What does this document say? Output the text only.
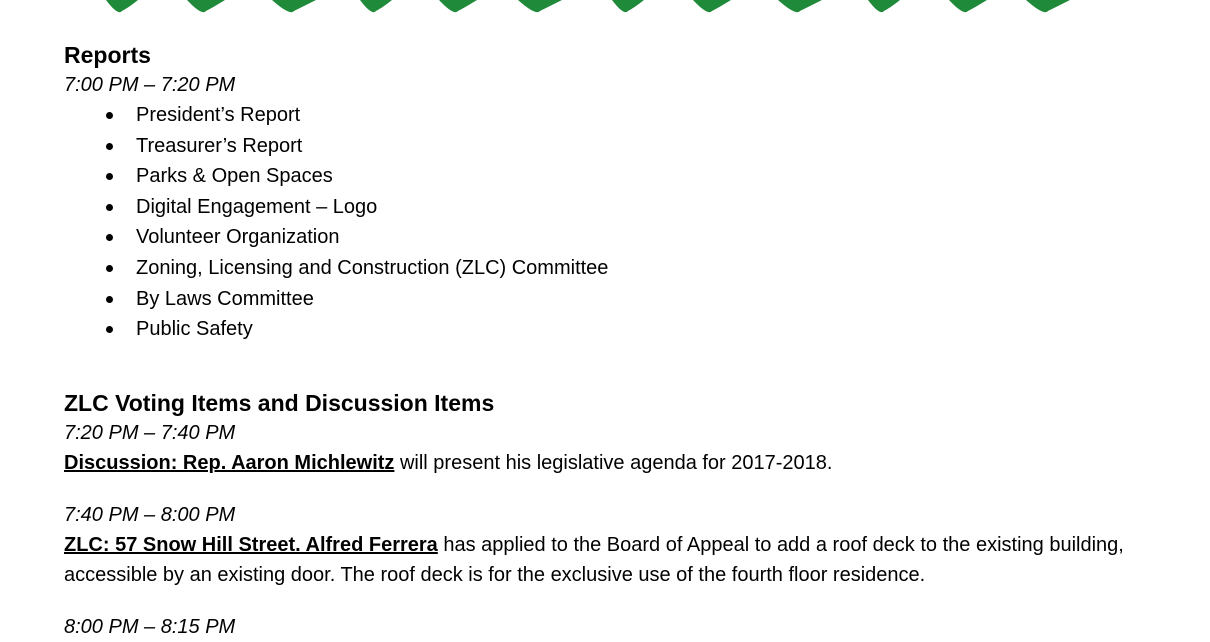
Reports

7:00 PM – 7:20 PM

President’s Report
Treasurer’s Report
Parks & Open Spaces
Digital Engagement – Logo
Volunteer Organization
Zoning, Licensing and Construction (ZLC) Committee
By Laws Committee
Public Safety
ZLC Voting Items and Discussion Items

7:20 PM – 7:40 PM

Discussion: Rep. Aaron Michlewitz will present his legislative agenda for 2017-2018.

7:40 PM – 8:00 PM

ZLC: 57 Snow Hill Street. Alfred Ferrera has applied to the Board of Appeal to add a roof deck to the existing building, accessible by an existing door. The roof deck is for the exclusive use of the fourth floor residence.

8:00 PM – 8:15 PM
